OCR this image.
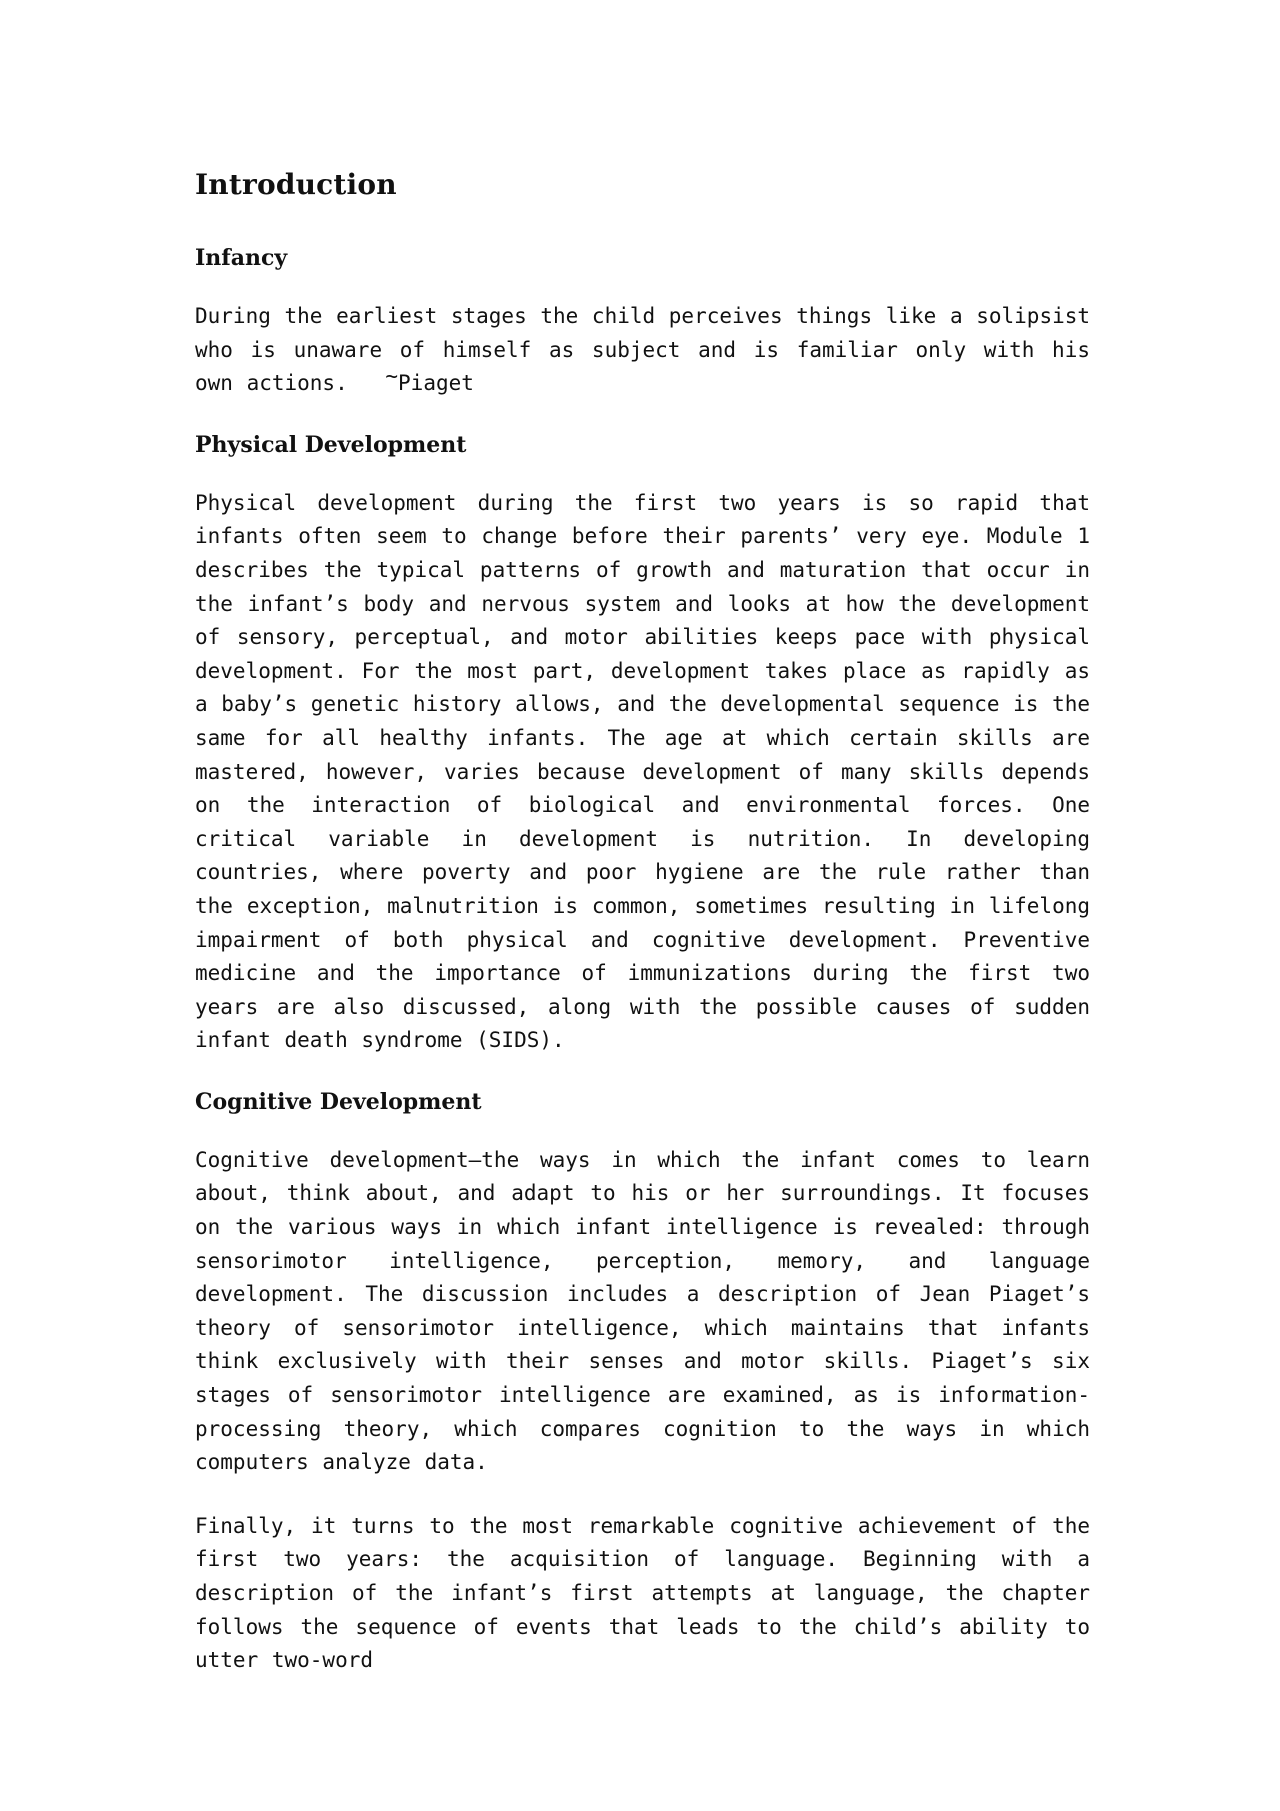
Introduction
Infancy
During the earliest stages the child perceives things like a solipsist who is unaware of himself as subject and is familiar only with his own actions. ~Piaget
Physical Development
Physical development during the first two years is so rapid that infants often seem to change before their parents’ very eye. Module 1 describes the typical patterns of growth and maturation that occur in the infant’s body and nervous system and looks at how the development of sensory, perceptual, and motor abilities keeps pace with physical development. For the most part, development takes place as rapidly as a baby’s genetic history allows, and the developmental sequence is the same for all healthy infants. The age at which certain skills are mastered, however, varies because development of many skills depends on the interaction of biological and environmental forces. One critical variable in development is nutrition. In developing countries, where poverty and poor hygiene are the rule rather than the exception, malnutrition is common, sometimes resulting in lifelong impairment of both physical and cognitive development. Preventive medicine and the importance of immunizations during the first two years are also discussed, along with the possible causes of sudden infant death syndrome (SIDS).
Cognitive Development
Cognitive development—the ways in which the infant comes to learn about, think about, and adapt to his or her surroundings. It focuses on the various ways in which infant intelligence is revealed: through sensorimotor intelligence, perception, memory, and language development. The discussion includes a description of Jean Piaget’s theory of sensorimotor intelligence, which maintains that infants think exclusively with their senses and motor skills. Piaget’s six stages of sensorimotor intelligence are examined, as is information-processing theory, which compares cognition to the ways in which computers analyze data.
Finally, it turns to the most remarkable cognitive achievement of the first two years: the acquisition of language. Beginning with a description of the infant’s first attempts at language, the chapter follows the sequence of events that leads to the child’s ability to utter two-word
